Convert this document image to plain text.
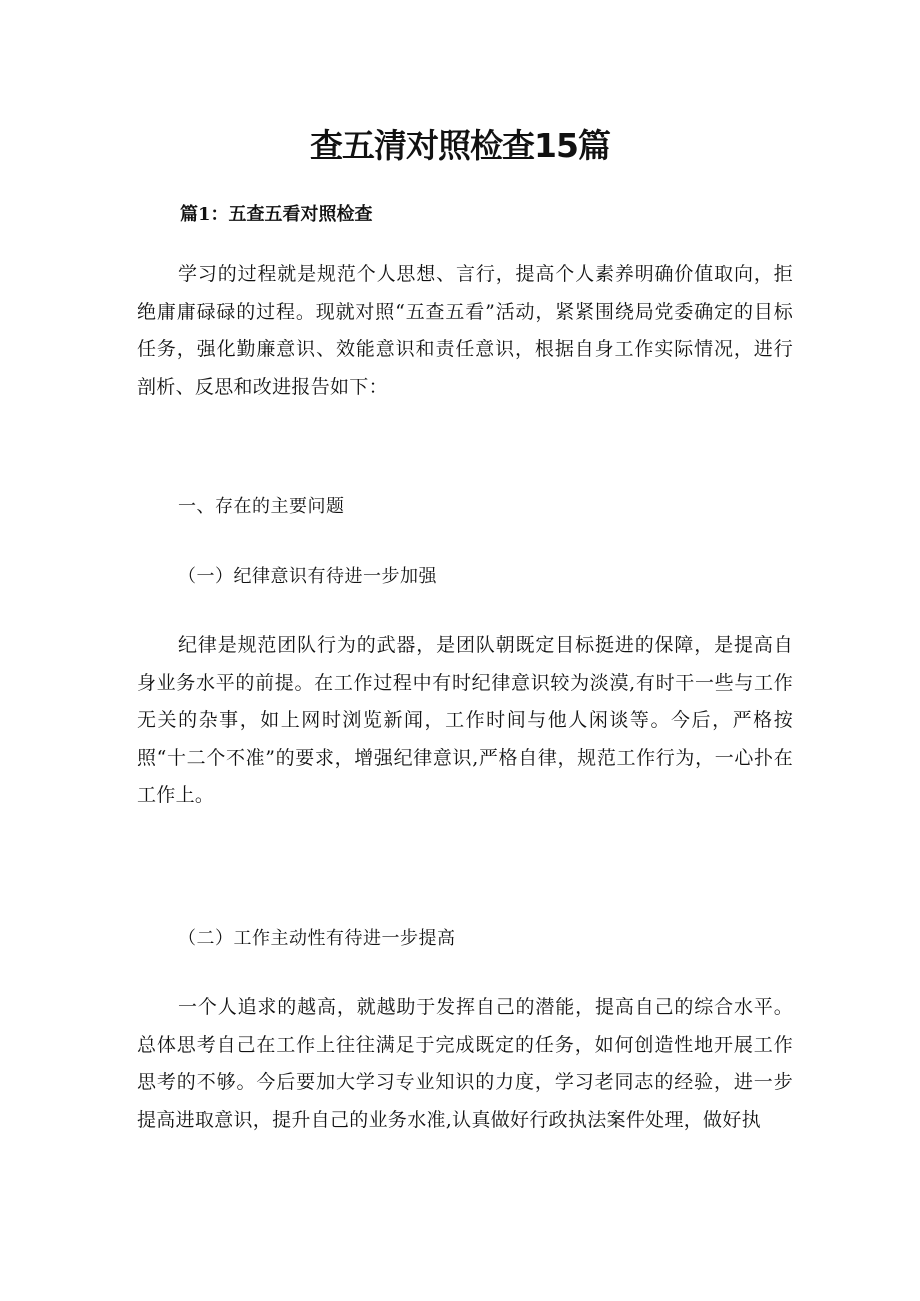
查五清对照检查15篇

篇1：五查五看对照检查

学习的过程就是规范个人思想、言行，提高个人素养明确价值取向，拒绝庸庸碌碌的过程。现就对照“五查五看”活动，紧紧围绕局党委确定的目标任务，强化勤廉意识、效能意识和责任意识，根据自身工作实际情况，进行剖析、反思和改进报告如下：

一、存在的主要问题

（一）纪律意识有待进一步加强

纪律是规范团队行为的武器，是团队朝既定目标挺进的保障，是提高自身业务水平的前提。在工作过程中有时纪律意识较为淡漠,有时干一些与工作无关的杂事，如上网时浏览新闻，工作时间与他人闲谈等。今后，严格按照“十二个不准”的要求，增强纪律意识,严格自律，规范工作行为，一心扑在工作上。

（二）工作主动性有待进一步提高

一个人追求的越高，就越助于发挥自己的潜能，提高自己的综合水平。总体思考自己在工作上往往满足于完成既定的任务，如何创造性地开展工作思考的不够。今后要加大学习专业知识的力度，学习老同志的经验，进一步提高进取意识，提升自己的业务水准,认真做好行政执法案件处理，做好执
